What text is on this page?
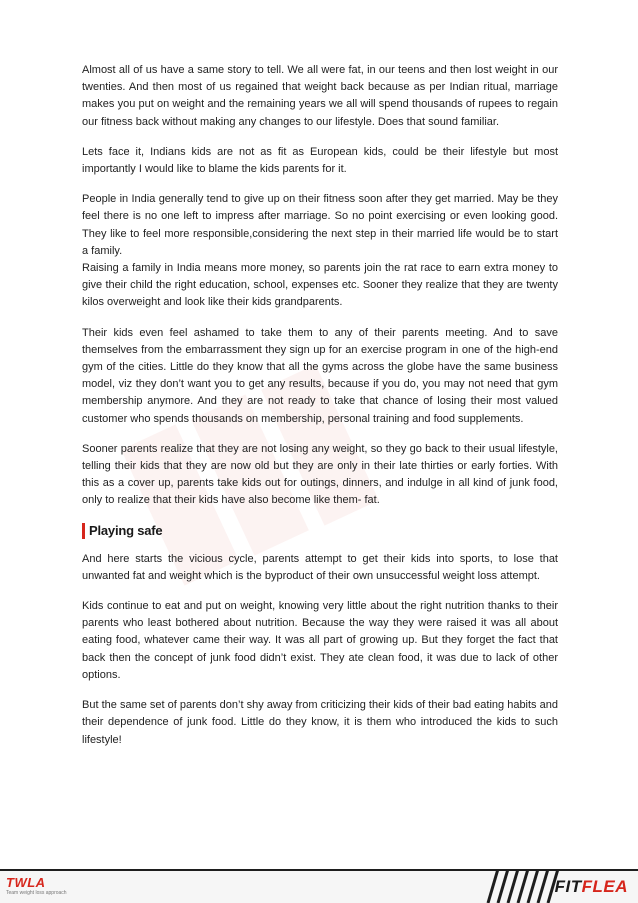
Almost all of us have a same story to tell. We all were fat, in our teens and then lost weight in our twenties. And then most of us regained that weight back because as per Indian ritual, marriage makes you put on weight and the remaining years we all will spend thousands of rupees to regain our fitness back without making any changes to our lifestyle. Does that sound familiar.

Lets face it, Indians kids are not as fit as European kids, could be their lifestyle but most importantly I would like to blame the kids parents for it.

People in India generally tend to give up on their fitness soon after they get married. May be they feel there is no one left to impress after marriage. So no point exercising or even looking good. They like to feel more responsible,considering the next step in their married life would be to start a family.

Raising a family in India means more money, so parents join the rat race to earn extra money to give their child the right education, school, expenses etc. Sooner they realize that they are twenty kilos overweight and look like their kids grandparents.

Their kids even feel ashamed to take them to any of their parents meeting. And to save themselves from the embarrassment they sign up for an exercise program in one of the high-end gym of the cities. Little do they know that all the gyms across the globe have the same business model, viz they don’t want you to get any results, because if you do, you may not need that gym membership anymore. And they are not ready to take that chance of losing their most valued customer who spends thousands on membership, personal training and food supplements.

Sooner parents realize that they are not losing any weight, so they go back to their usual lifestyle, telling their kids that they are now old but they are only in their late thirties or early forties. With this as a cover up, parents take kids out for outings, dinners, and indulge in all kind of junk food, only to realize that their kids have also become like them- fat.

Playing safe

And here starts the vicious cycle, parents attempt to get their kids into sports, to lose that unwanted fat and weight which is the byproduct of their own unsuccessful weight loss attempt.

Kids continue to eat and put on weight, knowing very little about the right nutrition thanks to their parents who least bothered about nutrition. Because the way they were raised it was all about eating food, whatever came their way. It was all part of growing up. But they forget the fact that back then the concept of junk food didn’t exist. They ate clean food, it was due to lack of other options.

But the same set of parents don’t shy away from criticizing their kids of their bad eating habits and their dependence of junk food. Little do they know, it is them who introduced the kids to such lifestyle!

TWLA
Team weight loss approach	FITFLEA
